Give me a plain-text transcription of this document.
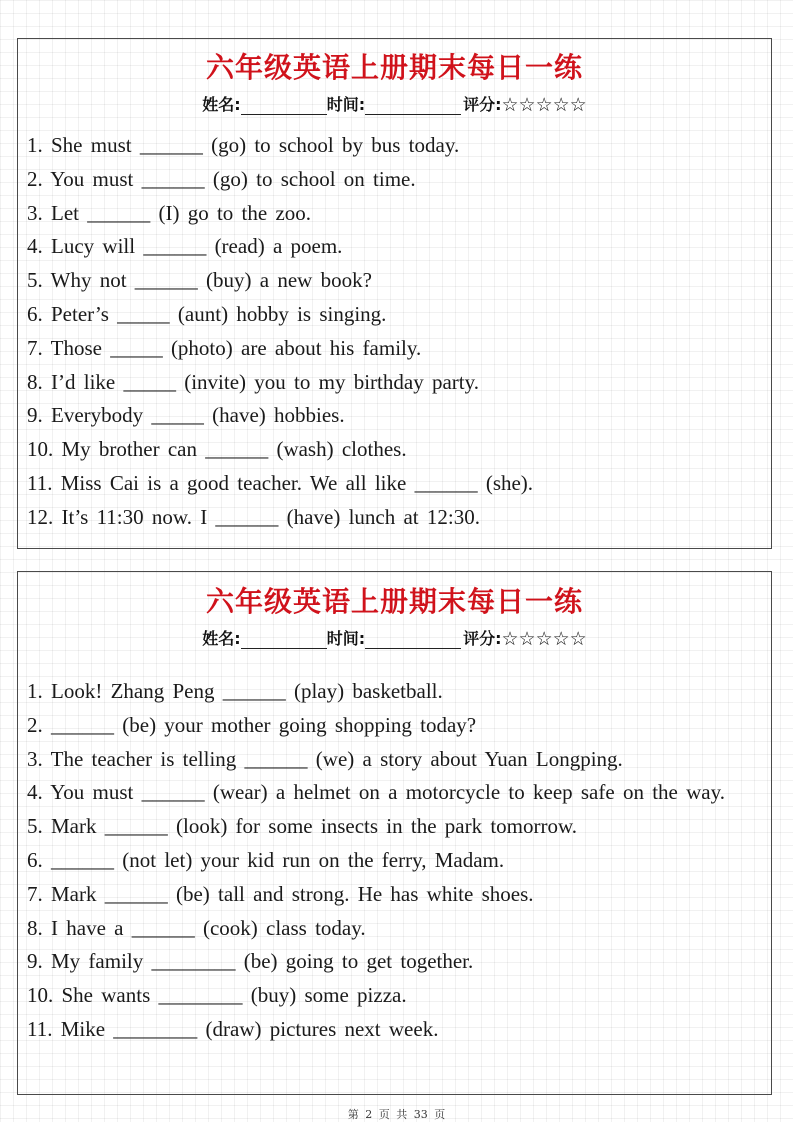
六年级英语上册期末每日一练
姓名:	时间:	评分: ☆☆☆☆☆
1. She must ______ (go) to school by bus today.
2. You must ______ (go) to school on time.
3. Let ______ (I) go to the zoo.
4. Lucy will ______ (read) a poem.
5. Why not ______ (buy) a new book?
6. Peter’s _____ (aunt) hobby is singing.
7. Those _____ (photo) are about his family.
8. I’d like _____ (invite) you to my birthday party.
9. Everybody _____ (have) hobbies.
10. My brother can ______ (wash) clothes.
11. Miss Cai is a good teacher. We all like ______ (she).
12. It’s 11:30 now. I ______ (have) lunch at 12:30.
六年级英语上册期末每日一练
姓名:	时间:	评分: ☆☆☆☆☆
1. Look! Zhang Peng ______ (play) basketball.
2. ______ (be) your mother going shopping today?
3. The teacher is telling ______ (we) a story about Yuan Longping.
4. You must ______ (wear) a helmet on a motorcycle to keep safe on the way.
5. Mark ______ (look) for some insects in the park tomorrow.
6. ______ (not let) your kid run on the ferry, Madam.
7. Mark ______ (be) tall and strong. He has white shoes.
8. I have a ______ (cook) class today.
9. My family ________ (be) going to get together.
10. She wants ________ (buy) some pizza.
11. Mike ________ (draw) pictures next week.
第 2 页 共 33 页
